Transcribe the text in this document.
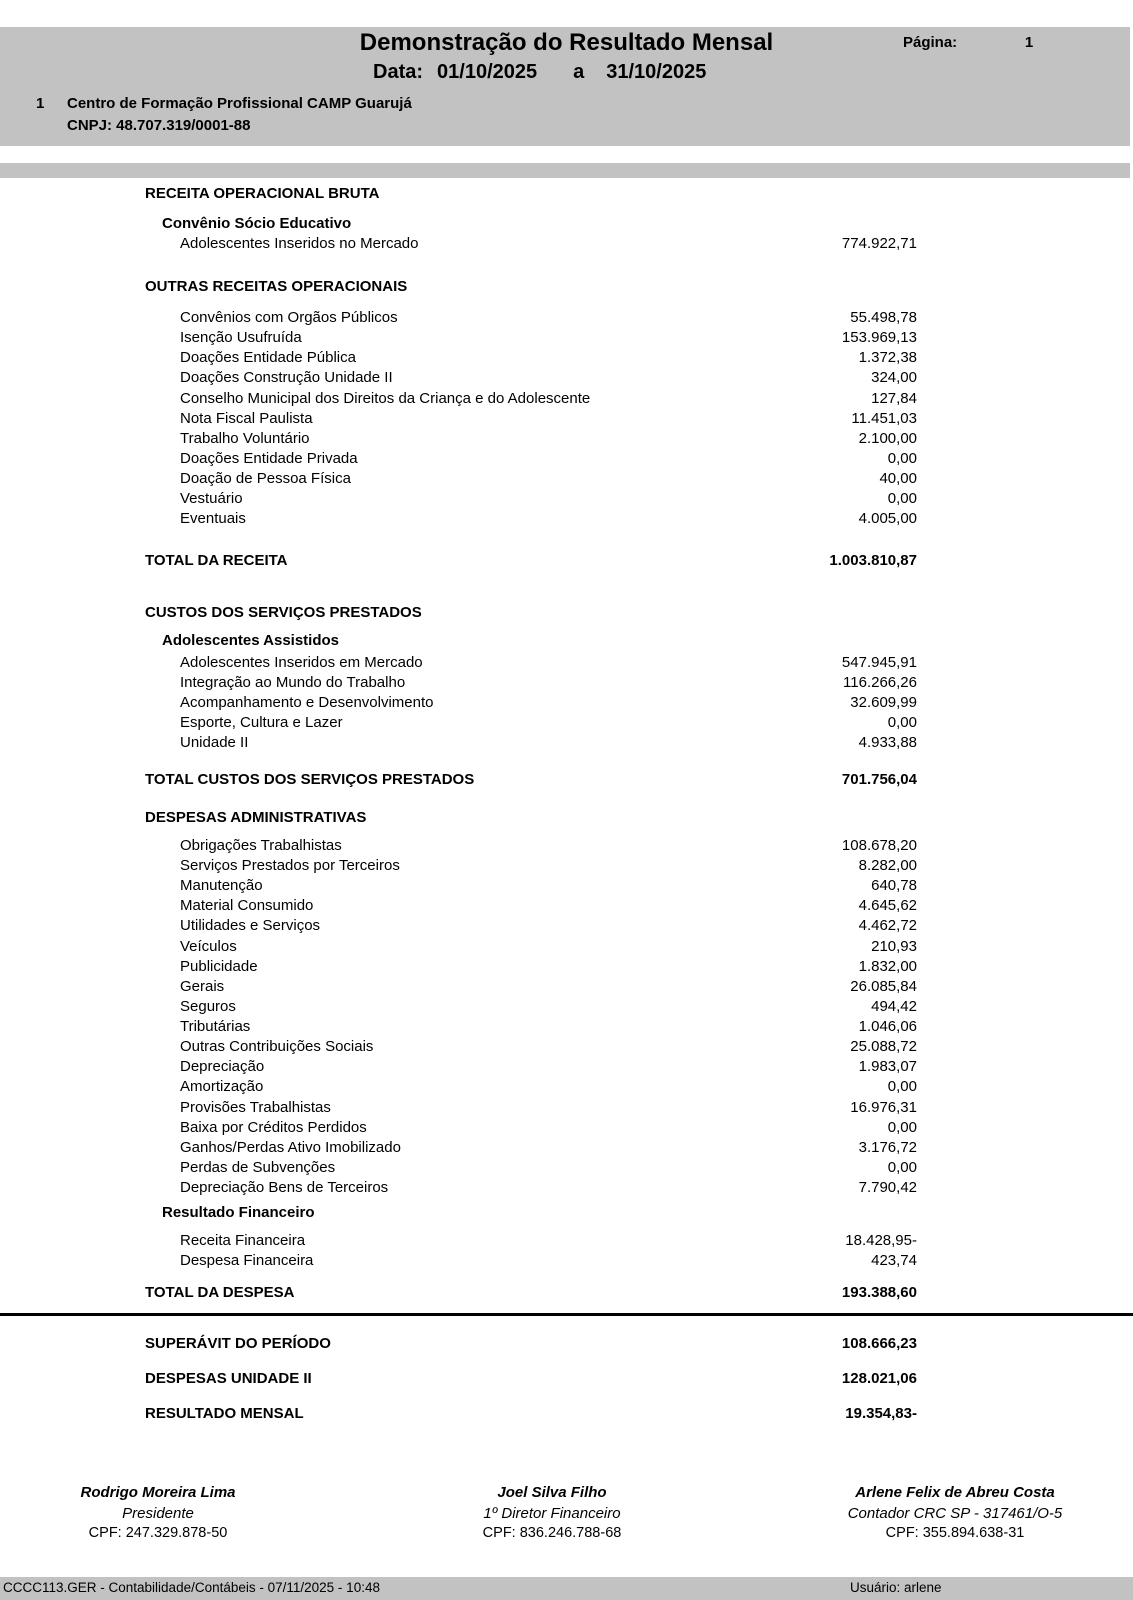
Demonstração do Resultado Mensal	Página:	1
Data: 01/10/2025 a 31/10/2025
1 Centro de Formação Profissional CAMP Guarujá
CNPJ: 48.707.319/0001-88
RECEITA OPERACIONAL BRUTA
Convênio Sócio Educativo
Adolescentes Inseridos no Mercado	774.922,71
OUTRAS RECEITAS OPERACIONAIS
Convênios com Orgãos Públicos	55.498,78
Isenção Usufruída	153.969,13
Doações Entidade Pública	1.372,38
Doações Construção Unidade II	324,00
Conselho Municipal dos Direitos da Criança e do Adolescente	127,84
Nota Fiscal Paulista	11.451,03
Trabalho Voluntário	2.100,00
Doações Entidade Privada	0,00
Doação de Pessoa Física	40,00
Vestuário	0,00
Eventuais	4.005,00
TOTAL DA RECEITA	1.003.810,87
CUSTOS DOS SERVIÇOS PRESTADOS
Adolescentes Assistidos
Adolescentes Inseridos em Mercado	547.945,91
Integração ao Mundo do Trabalho	116.266,26
Acompanhamento e Desenvolvimento	32.609,99
Esporte, Cultura e Lazer	0,00
Unidade II	4.933,88
TOTAL CUSTOS DOS SERVIÇOS PRESTADOS	701.756,04
DESPESAS ADMINISTRATIVAS
Obrigações Trabalhistas	108.678,20
Serviços Prestados por Terceiros	8.282,00
Manutenção	640,78
Material Consumido	4.645,62
Utilidades e Serviços	4.462,72
Veículos	210,93
Publicidade	1.832,00
Gerais	26.085,84
Seguros	494,42
Tributárias	1.046,06
Outras Contribuições Sociais	25.088,72
Depreciação	1.983,07
Amortização	0,00
Provisões Trabalhistas	16.976,31
Baixa por Créditos Perdidos	0,00
Ganhos/Perdas Ativo Imobilizado	3.176,72
Perdas de Subvenções	0,00
Depreciação Bens de Terceiros	7.790,42
Resultado Financeiro
Receita Financeira	18.428,95-
Despesa Financeira	423,74
TOTAL DA DESPESA	193.388,60
SUPERÁVIT DO PERÍODO	108.666,23
DESPESAS UNIDADE II	128.021,06
RESULTADO MENSAL	19.354,83-
Rodrigo Moreira Lima
Presidente
CPF: 247.329.878-50
Joel Silva Filho
1º Diretor Financeiro
CPF: 836.246.788-68
Arlene Felix de Abreu Costa
Contador CRC SP - 317461/O-5
CPF: 355.894.638-31
CCCC113.GER - Contabilidade/Contábeis - 07/11/2025 - 10:48	Usuário: arlene
